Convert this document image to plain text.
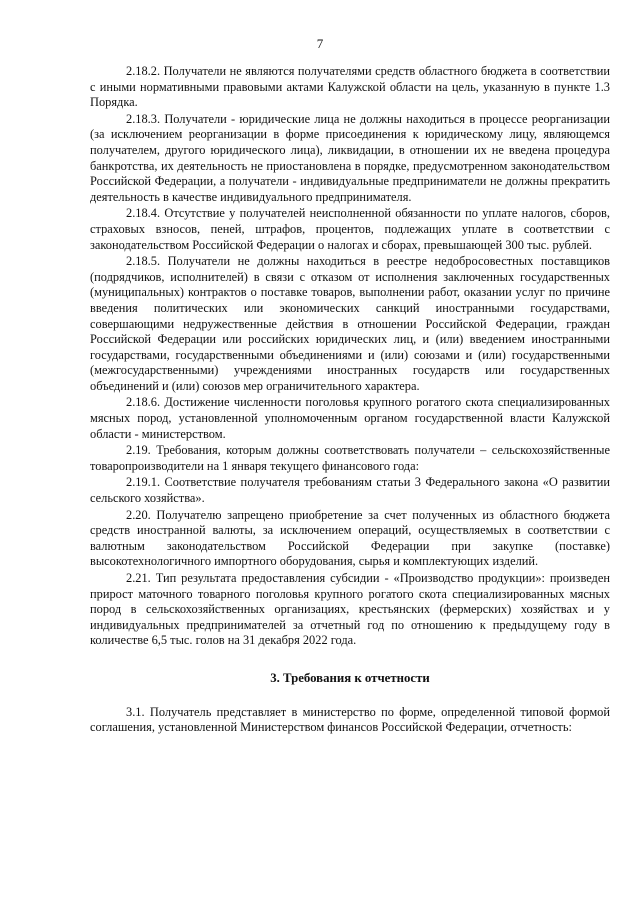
7

2.18.2. Получатели не являются получателями средств областного бюджета в соответствии с иными нормативными правовыми актами Калужской области на цель, указанную в пункте 1.3 Порядка.

2.18.3. Получатели - юридические лица не должны находиться в процессе реорганизации (за исключением реорганизации в форме присоединения к юридическому лицу, являющемся получателем, другого юридического лица), ликвидации, в отношении их не введена процедура банкротства, их деятельность не приостановлена в порядке, предусмотренном законодательством Российской Федерации, а получатели - индивидуальные предприниматели не должны прекратить деятельность в качестве индивидуального предпринимателя.

2.18.4. Отсутствие у получателей неисполненной обязанности по уплате налогов, сборов, страховых взносов, пеней, штрафов, процентов, подлежащих уплате в соответствии с законодательством Российской Федерации о налогах и сборах, превышающей 300 тыс. рублей.

2.18.5. Получатели не должны находиться в реестре недобросовестных поставщиков (подрядчиков, исполнителей) в связи с отказом от исполнения заключенных государственных (муниципальных) контрактов о поставке товаров, выполнении работ, оказании услуг по причине введения политических или экономических санкций иностранными государствами, совершающими недружественные действия в отношении Российской Федерации, граждан Российской Федерации или российских юридических лиц, и (или) введением иностранными государствами, государственными объединениями и (или) союзами и (или) государственными (межгосударственными) учреждениями иностранных государств или государственных объединений и (или) союзов мер ограничительного характера.

2.18.6. Достижение численности поголовья крупного рогатого скота специализированных мясных пород, установленной уполномоченным органом государственной власти Калужской области - министерством.

2.19. Требования, которым должны соответствовать получатели – сельскохозяйственные товаропроизводители на 1 января текущего финансового года:

2.19.1. Соответствие получателя требованиям статьи 3 Федерального закона «О развитии сельского хозяйства».

2.20. Получателю запрещено приобретение за счет полученных из областного бюджета средств иностранной валюты, за исключением операций, осуществляемых в соответствии с валютным законодательством Российской Федерации при закупке (поставке) высокотехнологичного импортного оборудования, сырья и комплектующих изделий.

2.21. Тип результата предоставления субсидии - «Производство продукции»: произведен прирост маточного товарного поголовья крупного рогатого скота специализированных мясных пород в сельскохозяйственных организациях, крестьянских (фермерских) хозяйствах и у индивидуальных предпринимателей за отчетный год по отношению к предыдущему году в количестве 6,5 тыс. голов на 31 декабря 2022 года.

3. Требования к отчетности

3.1. Получатель представляет в министерство по форме, определенной типовой формой соглашения, установленной Министерством финансов Российской Федерации, отчетность:
